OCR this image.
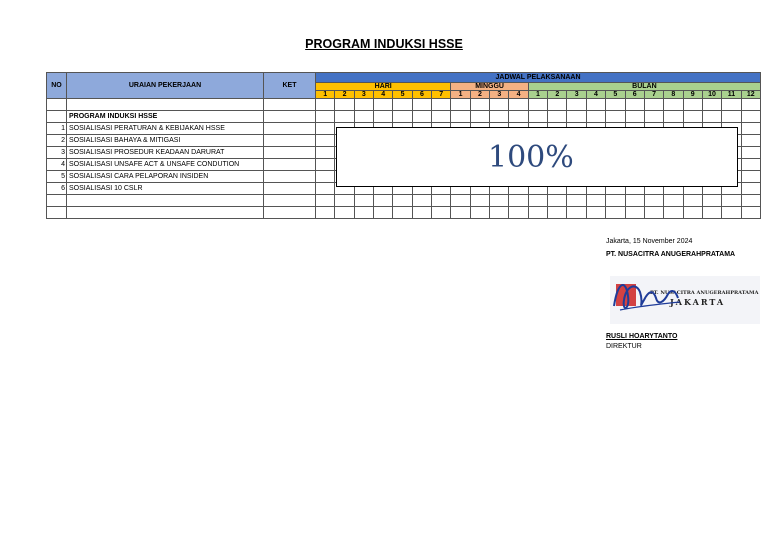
PROGRAM INDUKSI HSSE
NO	URAIAN PEKERJAAN	KET	JADWAL PELAKSANAAN																						
			HARI							MINGGU				BULAN											
			1	2	3	4	5	6	7	1	2	3	4	1	2	3	4	5	6	7	8	9	10	11	12

	PROGRAM INDUKSI HSSE																								
1	SOSIALISASI PERATURAN & KEBIJAKAN HSSE																								
2	SOSIALISASI BAHAYA & MITIGASI																								
3	SOSIALISASI PROSEDUR KEADAAN DARURAT																								
4	SOSIALISASI UNSAFE ACT & UNSAFE CONDUTION																								
5	SOSIALISASI CARA PELAPORAN INSIDEN																								
6	SOSIALISASI 10 CSLR																								

100%
Jakarta, 15 November 2024
PT. NUSACITRA ANUGERAHPRATAMA
PT. NUSACITRA ANUGERAHPRATAMA
JAKARTA
RUSLI HOARYTANTO
DIREKTUR
